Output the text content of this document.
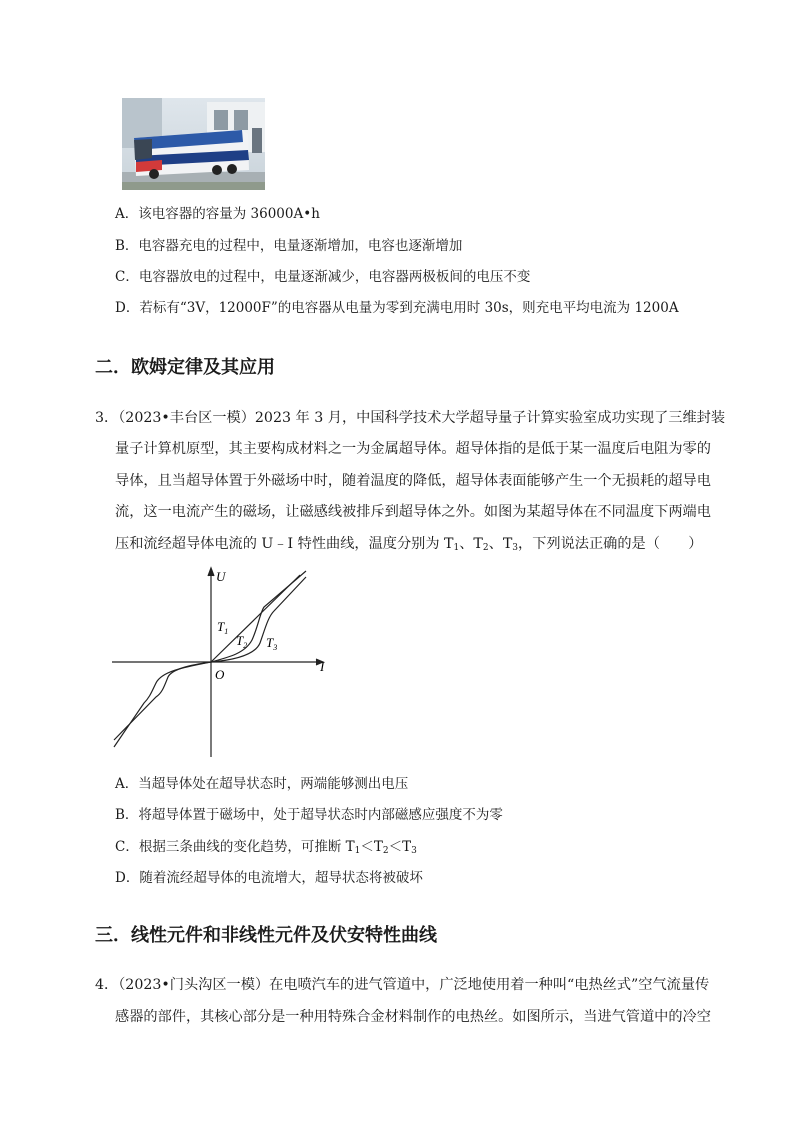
A．该电容器的容量为 36000A•h
B．电容器充电的过程中，电量逐渐增加，电容也逐渐增加
C．电容器放电的过程中，电量逐渐减少，电容器两极板间的电压不变
D．若标有“3V，12000F”的电容器从电量为零到充满电用时 30s，则充电平均电流为 1200A
二．欧姆定律及其应用
3．（2023•丰台区一模）2023 年 3 月，中国科学技术大学超导量子计算实验室成功实现了三维封装
量子计算机原型，其主要构成材料之一为金属超导体。超导体指的是低于某一温度后电阻为零的
导体，且当超导体置于外磁场中时，随着温度的降低，超导体表面能够产生一个无损耗的超导电
流，这一电流产生的磁场，让磁感线被排斥到超导体之外。如图为某超导体在不同温度下两端电
压和流经超导体电流的 U﹣I 特性曲线，温度分别为 $T_1$、$T_2$、$T_3$，下列说法正确的是（　　）
U
I
O
$T_1$
$T_2$ $T_3$
A．当超导体处在超导状态时，两端能够测出电压
B．将超导体置于磁场中，处于超导状态时内部磁感应强度不为零
C．根据三条曲线的变化趋势，可推断 $T_1<T_2<T_3$
D．随着流经超导体的电流增大，超导状态将被破坏
三．线性元件和非线性元件及伏安特性曲线
4．（2023•门头沟区一模）在电喷汽车的进气管道中，广泛地使用着一种叫“电热丝式”空气流量传
感器的部件，其核心部分是一种用特殊合金材料制作的电热丝。如图所示，当进气管道中的冷空
